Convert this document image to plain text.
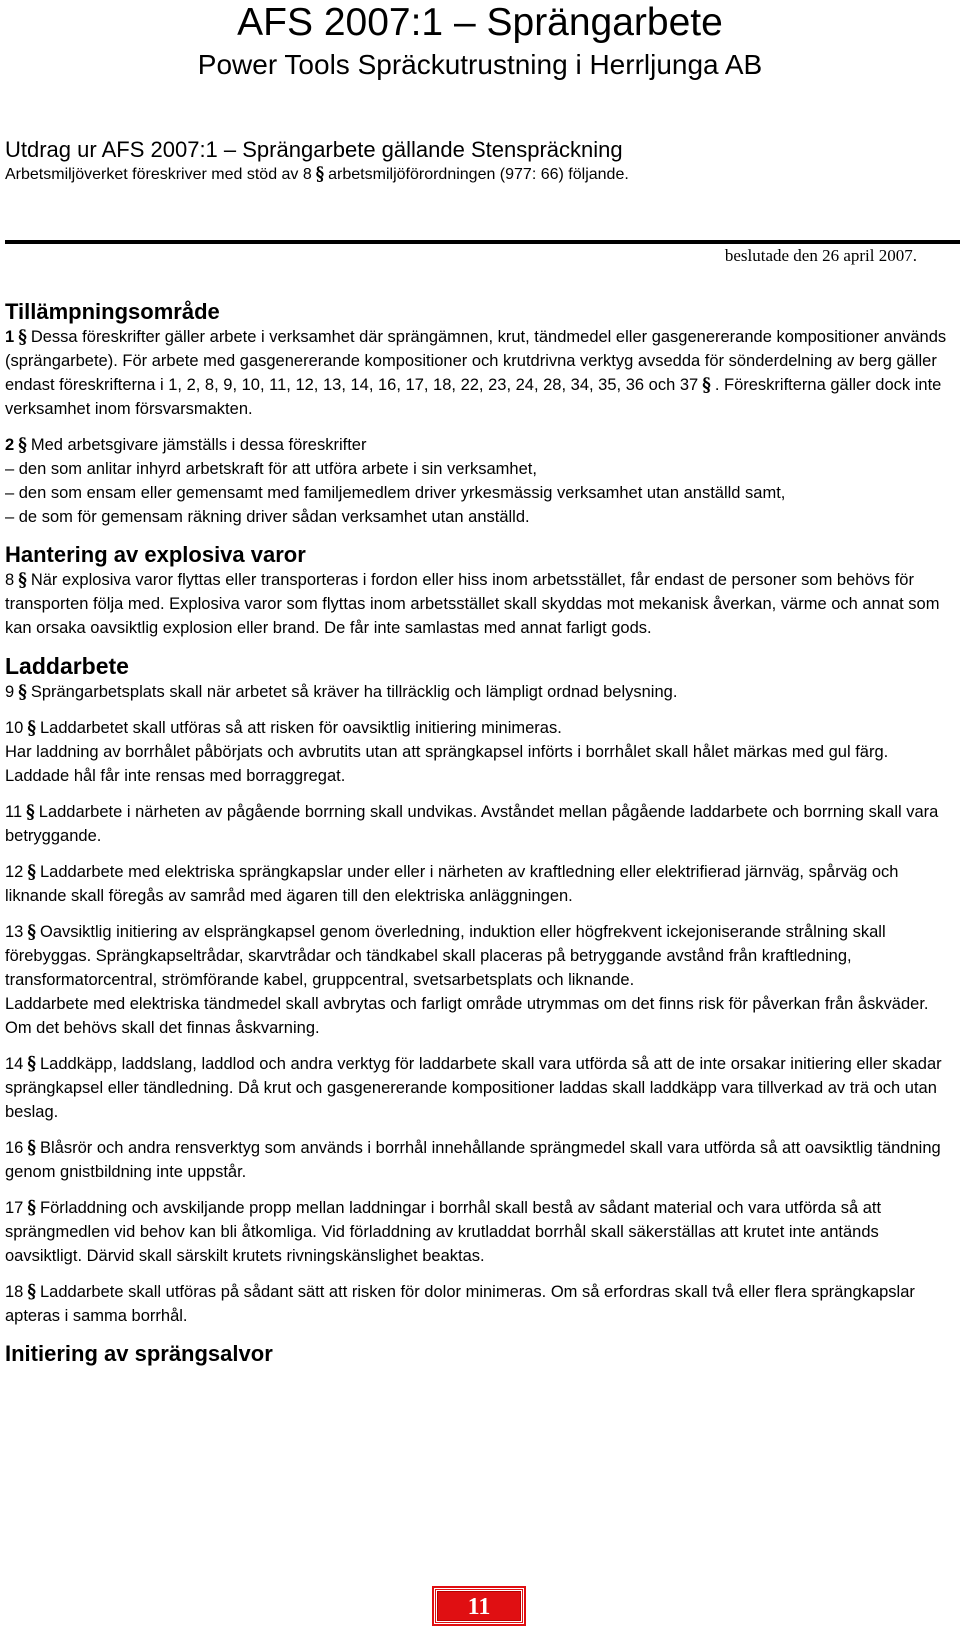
AFS 2007:1 – Sprängarbete
Power Tools Spräckutrustning i Herrljunga AB
Utdrag ur AFS 2007:1 – Sprängarbete gällande Stenspräckning

Arbetsmiljöverket föreskriver med stöd av 8 § arbetsmiljöförordningen (977: 66) följande.

beslutade den 26 april 2007.
Tillämpningsområde

1 § Dessa föreskrifter gäller arbete i verksamhet där sprängämnen, krut, tändmedel eller gasgenererande kompositioner används (sprängarbete). För arbete med gasgenererande kompositioner och krutdrivna verktyg avsedda för sönderdelning av berg gäller endast föreskrifterna i 1, 2, 8, 9, 10, 11, 12, 13, 14, 16, 17, 18, 22, 23, 24, 28, 34, 35, 36 och 37 § . Föreskrifterna gäller dock inte verksamhet inom försvarsmakten.

2 § Med arbetsgivare jämställs i dessa föreskrifter
– den som anlitar inhyrd arbetskraft för att utföra arbete i sin verksamhet,
– den som ensam eller gemensamt med familjemedlem driver yrkesmässig verksamhet utan anställd samt,
– de som för gemensam räkning driver sådan verksamhet utan anställd.
Hantering av explosiva varor

8 § När explosiva varor flyttas eller transporteras i fordon eller hiss inom arbetsstället, får endast de personer som behövs för transporten följa med. Explosiva varor som flyttas inom arbetsstället skall skyddas mot mekanisk åverkan, värme och annat som kan orsaka oavsiktlig explosion eller brand. De får inte samlastas med annat farligt gods.

Laddarbete

9 § Sprängarbetsplats skall när arbetet så kräver ha tillräcklig och lämpligt ordnad belysning.

10 § Laddarbetet skall utföras så att risken för oavsiktlig initiering minimeras.
Har laddning av borrhålet påbörjats och avbrutits utan att sprängkapsel införts i borrhålet skall hålet märkas med gul färg. Laddade hål får inte rensas med borraggregat.

11 § Laddarbete i närheten av pågående borrning skall undvikas. Avståndet mellan pågående laddarbete och borrning skall vara betryggande.

12 § Laddarbete med elektriska sprängkapslar under eller i närheten av kraftledning eller elektrifierad järnväg, spårväg och liknande skall föregås av samråd med ägaren till den elektriska anläggningen.

13 § Oavsiktlig initiering av elsprängkapsel genom överledning, induktion eller högfrekvent ickejoniserande strålning skall förebyggas. Sprängkapseltrådar, skarvtrådar och tändkabel skall placeras på betryggande avstånd från kraftledning, transformatorcentral, strömförande kabel, gruppcentral, svetsarbetsplats och liknande.
Laddarbete med elektriska tändmedel skall avbrytas och farligt område utrymmas om det finns risk för påverkan från åskväder. Om det behövs skall det finnas åskvarning.

14 § Laddkäpp, laddslang, laddlod och andra verktyg för laddarbete skall vara utförda så att de inte orsakar initiering eller skadar sprängkapsel eller tändledning. Då krut och gasgenererande kompositioner laddas skall laddkäpp vara tillverkad av trä och utan beslag.

16 § Blåsrör och andra rensverktyg som används i borrhål innehållande sprängmedel skall vara utförda så att oavsiktlig tändning genom gnistbildning inte uppstår.

17 § Förladdning och avskiljande propp mellan laddningar i borrhål skall bestå av sådant material och vara utförda så att sprängmedlen vid behov kan bli åtkomliga. Vid förladdning av krutladdat borrhål skall säkerställas att krutet inte antänds oavsiktligt. Därvid skall särskilt krutets rivningskänslighet beaktas.

18 § Laddarbete skall utföras på sådant sätt att risken för dolor minimeras. Om så erfordras skall två eller flera sprängkapslar apteras i samma borrhål.

Initiering av sprängsalvor
11
